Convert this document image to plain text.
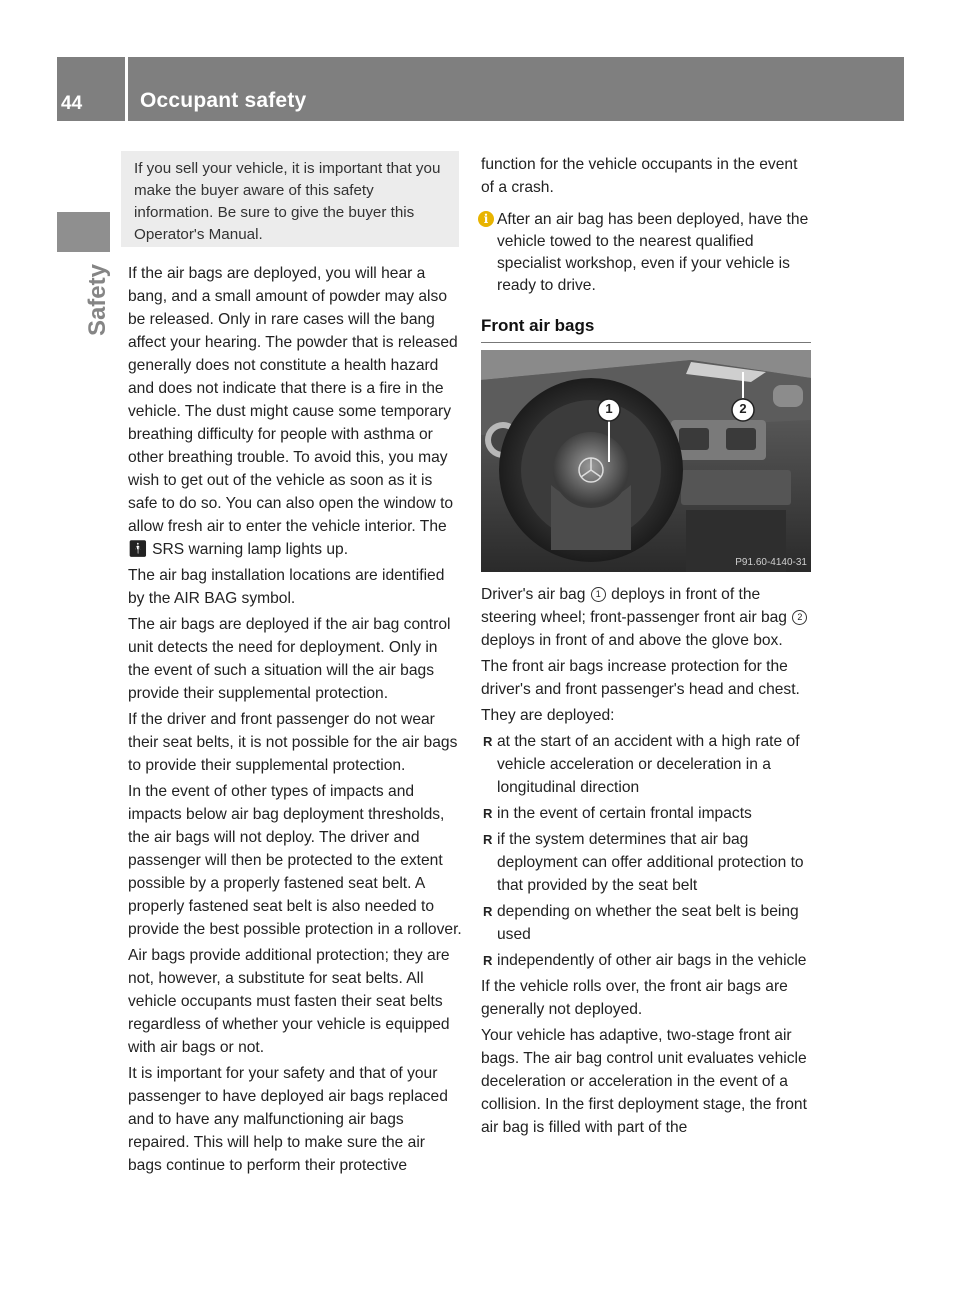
44	Occupant safety
Safety
If you sell your vehicle, it is important that you make the buyer aware of this safety information. Be sure to give the buyer this Operator's Manual.

If the air bags are deployed, you will hear a bang, and a small amount of powder may also be released. Only in rare cases will the bang affect your hearing. The powder that is released generally does not constitute a health hazard and does not indicate that there is a fire in the vehicle. The dust might cause some temporary breathing difficulty for people with asthma or other breathing trouble. To avoid this, you may wish to get out of the vehicle as soon as it is safe to do so. You can also open the window to allow fresh air to enter the vehicle interior. The 🚹︎ SRS warning lamp lights up.

The air bag installation locations are identified by the AIR BAG symbol.

The air bags are deployed if the air bag control unit detects the need for deployment. Only in the event of such a situation will the air bags provide their supplemental protection.

If the driver and front passenger do not wear their seat belts, it is not possible for the air bags to provide their supplemental protection.

In the event of other types of impacts and impacts below air bag deployment thresholds, the air bags will not deploy. The driver and passenger will then be protected to the extent possible by a properly fastened seat belt. A properly fastened seat belt is also needed to provide the best possible protection in a rollover.

Air bags provide additional protection; they are not, however, a substitute for seat belts. All vehicle occupants must fasten their seat belts regardless of whether your vehicle is equipped with air bags or not.

It is important for your safety and that of your passenger to have deployed air bags replaced and to have any malfunctioning air bags repaired. This will help to make sure the air bags continue to perform their protective

function for the vehicle occupants in the event of a crash.

i After an air bag has been deployed, have the vehicle towed to the nearest qualified specialist workshop, even if your vehicle is ready to drive.
Front air bags
1	2
P91.60-4140-31

Driver's air bag 1 deploys in front of the steering wheel; front-passenger front air bag 2 deploys in front of and above the glove box.

The front air bags increase protection for the driver's and front passenger's head and chest.

They are deployed:

R at the start of an accident with a high rate of vehicle acceleration or deceleration in a longitudinal direction
R in the event of certain frontal impacts
R if the system determines that air bag deployment can offer additional protection to that provided by the seat belt
R depending on whether the seat belt is being used
R independently of other air bags in the vehicle

If the vehicle rolls over, the front air bags are generally not deployed.

Your vehicle has adaptive, two-stage front air bags. The air bag control unit evaluates vehicle deceleration or acceleration in the event of a collision. In the first deployment stage, the front air bag is filled with part of the
